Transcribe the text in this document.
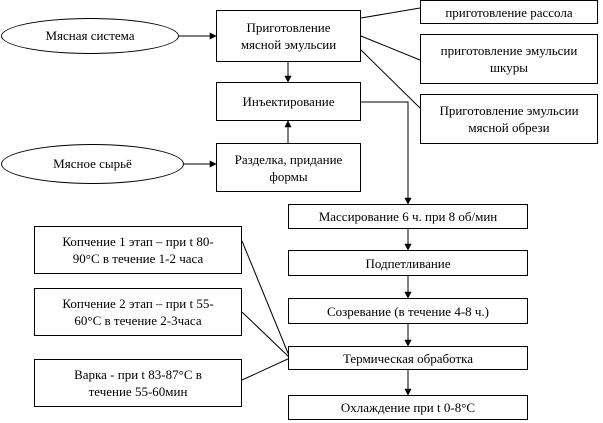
Мясная система
Мясное сырьё
Приготовление
мясной эмульсии
приготовление рассола
приготовление эмульсии
шкуры
Приготовление эмульсии
мясной обрези
Инъектирование
Разделка, придание
формы
Массирование 6 ч. при 8 об/мин
Подпетливание
Созревание (в течение 4-8 ч.)
Термическая обработка
Охлаждение при t 0-8°С
Копчение 1 этап – при t 80-
90°С в течение 1-2 часа
Копчение 2 этап – при t 55-
60°С в течение 2-3часа
Варка - при t 83-87°С в
течение 55-60мин
